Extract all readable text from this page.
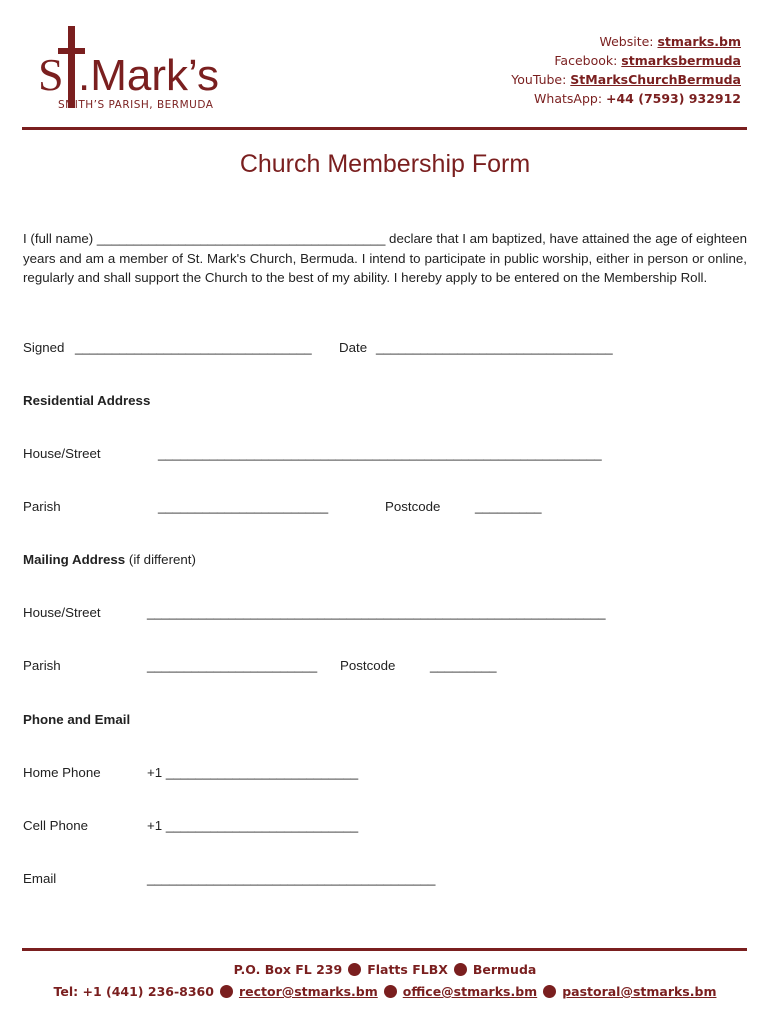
S .Mark’s
SMITH’S PARISH, BERMUDA
Website: stmarks.bm
Facebook: stmarksbermuda
YouTube: StMarksChurchBermuda
WhatsApp: +44 (7593) 932912
Church Membership Form
I (full name) _______________________________________ declare that I am baptized, have attained the age of eighteen years and am a member of St. Mark's Church, Bermuda. I intend to participate in public worship, either in person or online, regularly and shall support the Church to the best of my ability. I hereby apply to be entered on the Membership Roll.
Signed ________________________________ Date ________________________________
Residential Address
House/Street	____________________________________________________________
Parish	_______________________	Postcode	_________
Mailing Address (if different)
House/Street	______________________________________________________________
Parish	_______________________ Postcode	_________
Phone and Email
Home Phone	+1 __________________________
Cell Phone	+1 __________________________
Email	_______________________________________
P.O. Box FL 239 Flatts FLBX Bermuda
Tel: +1 (441) 236-8360 rector@stmarks.bm office@stmarks.bm pastoral@stmarks.bm
